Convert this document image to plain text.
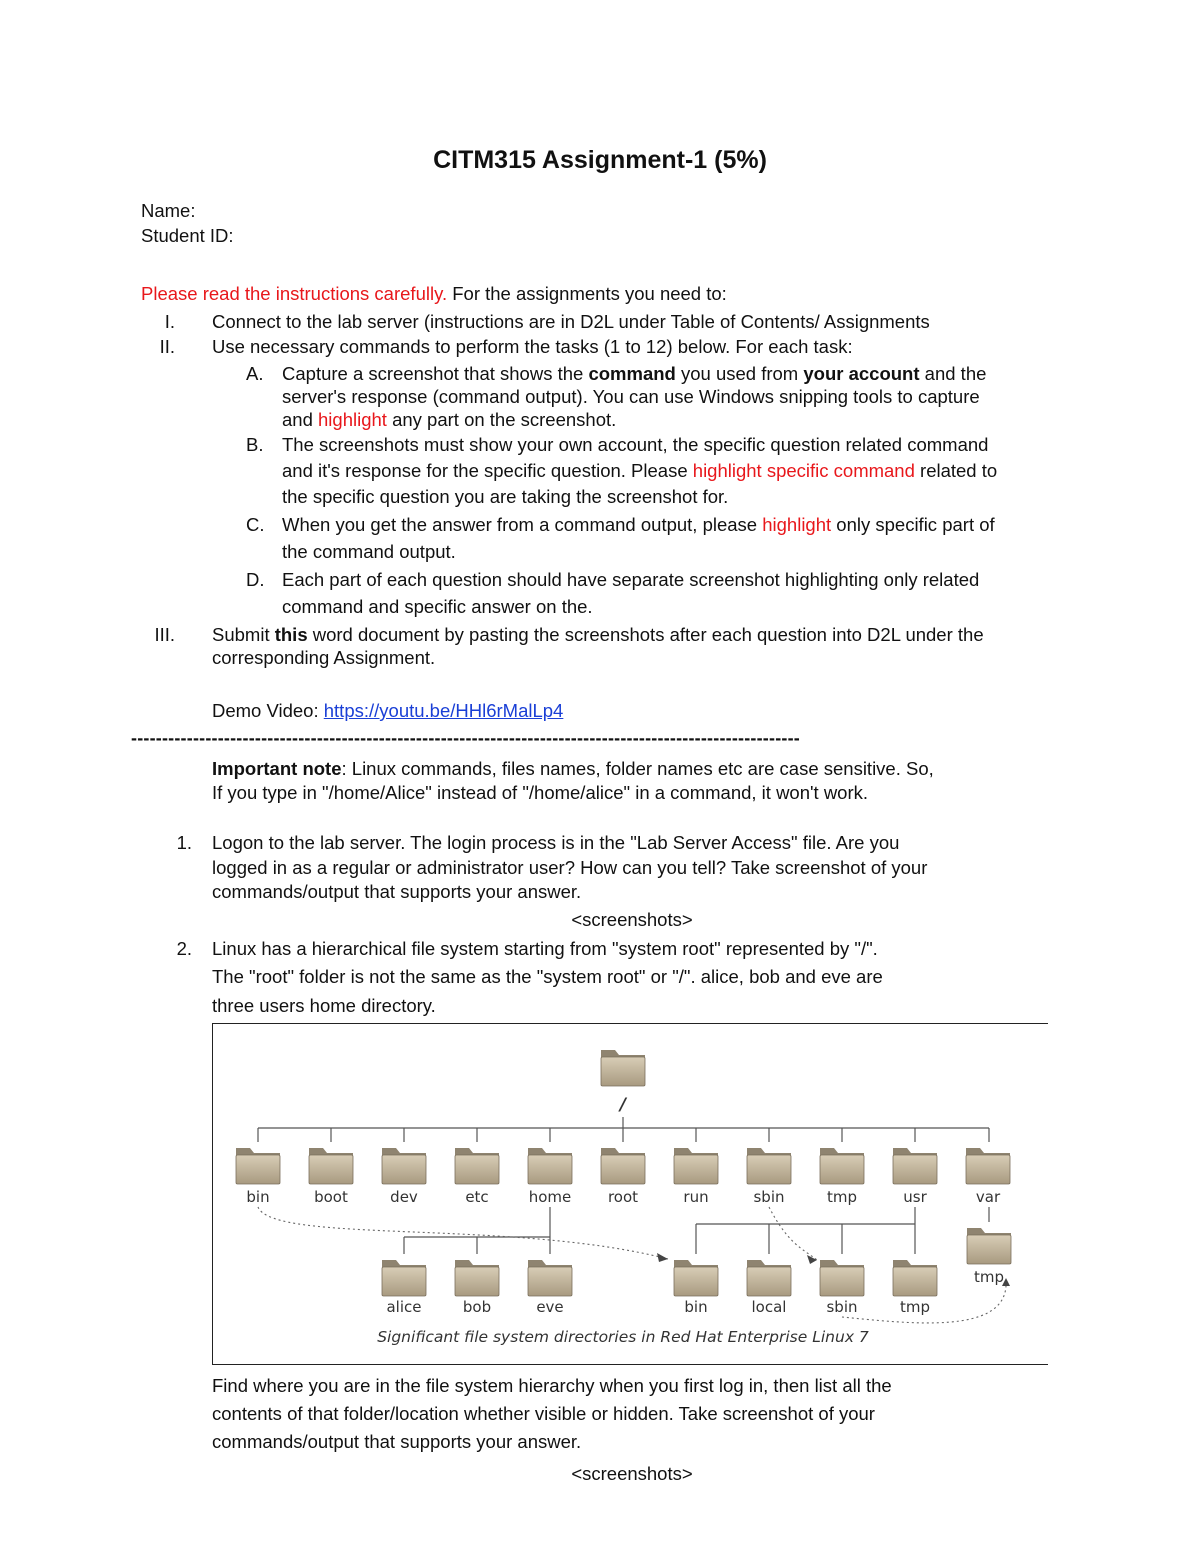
CITM315 Assignment-1 (5%)
Name:
Student ID:
Please read the instructions carefully. For the assignments you need to:
I. Connect to the lab server (instructions are in D2L under Table of Contents/ Assignments
II. Use necessary commands to perform the tasks (1 to 12) below. For each task:
A. Capture a screenshot that shows the command you used from your account and the
server's response (command output). You can use Windows snipping tools to capture
and highlight any part on the screenshot.
B. The screenshots must show your own account, the specific question related command
and it's response for the specific question. Please highlight specific command related to
the specific question you are taking the screenshot for.
C. When you get the answer from a command output, please highlight only specific part of
the command output.
D. Each part of each question should have separate screenshot highlighting only related
command and specific answer on the.
III. Submit this word document by pasting the screenshots after each question into D2L under the
corresponding Assignment.
Demo Video: https://youtu.be/HHl6rMalLp4
------------------------------------------------------------------------------------------------------------
Important note: Linux commands, files names, folder names etc are case sensitive. So,
If you type in "/home/Alice" instead of "/home/alice" in a command, it won't work.
1. Logon to the lab server. The login process is in the "Lab Server Access" file. Are you
logged in as a regular or administrator user? How can you tell? Take screenshot of your
commands/output that supports your answer.
<screenshots>
2. Linux has a hierarchical file system starting from "system root" represented by "/".
The "root" folder is not the same as the "system root" or "/". alice, bob and eve are
three users home directory.
/
bin	boot	dev	etc	home root	run	sbin	tmp	usr	var
alice	bob	eve	bin	local	sbin	tmp
tmp
Significant file system directories in Red Hat Enterprise Linux 7
Find where you are in the file system hierarchy when you first log in, then list all the
contents of that folder/location whether visible or hidden. Take screenshot of your
commands/output that supports your answer.
<screenshots>
